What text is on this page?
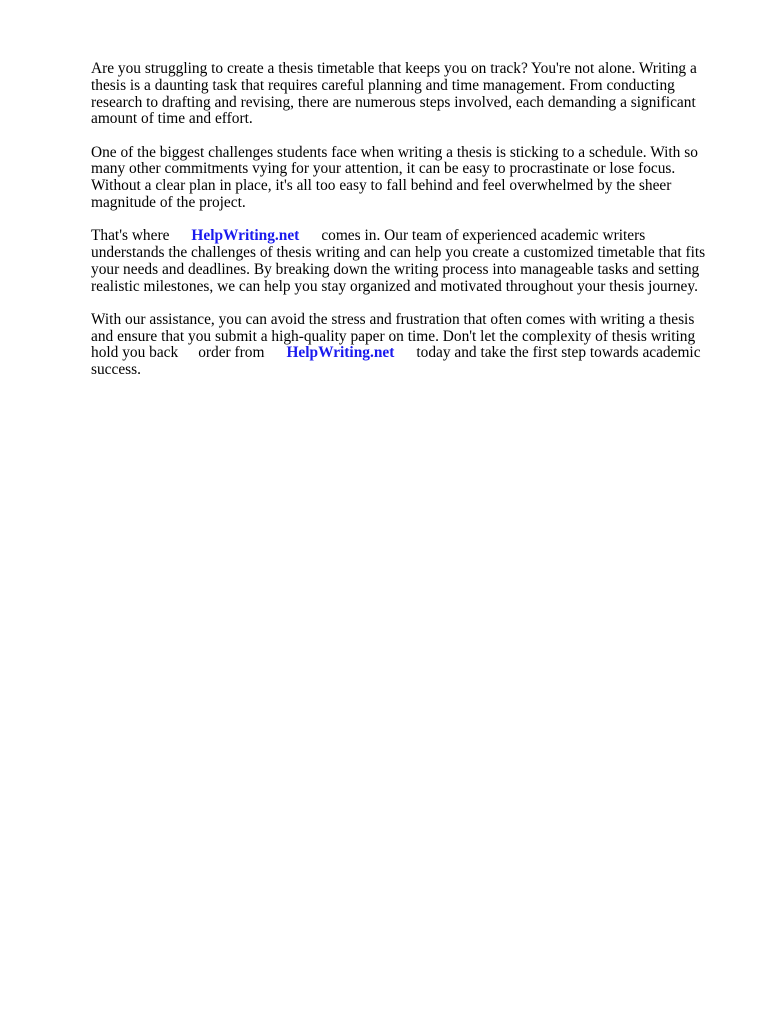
Are you struggling to create a thesis timetable that keeps you on track? You're not alone. Writing a thesis is a daunting task that requires careful planning and time management. From conducting research to drafting and revising, there are numerous steps involved, each demanding a significant amount of time and effort.

One of the biggest challenges students face when writing a thesis is sticking to a schedule. With so many other commitments vying for your attention, it can be easy to procrastinate or lose focus. Without a clear plan in place, it's all too easy to fall behind and feel overwhelmed by the sheer magnitude of the project.

That's where HelpWriting.net comes in. Our team of experienced academic writers understands the challenges of thesis writing and can help you create a customized timetable that fits your needs and deadlines. By breaking down the writing process into manageable tasks and setting realistic milestones, we can help you stay organized and motivated throughout your thesis journey.

With our assistance, you can avoid the stress and frustration that often comes with writing a thesis and ensure that you submit a high-quality paper on time. Don't let the complexity of thesis writing hold you back order from HelpWriting.net today and take the first step towards academic success.
